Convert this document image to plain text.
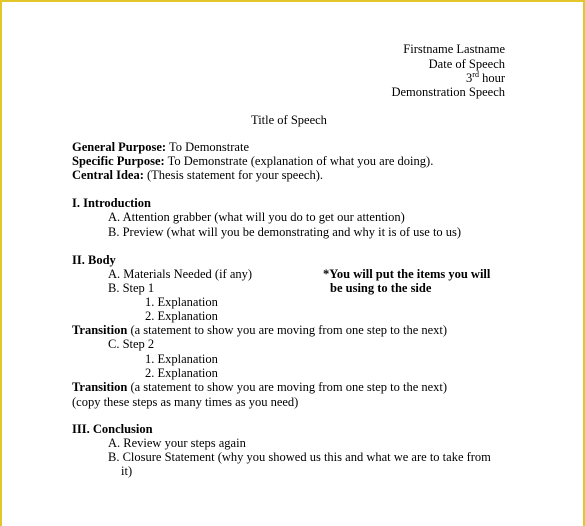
Firstname Lastname
Date of Speech
3rd hour
Demonstration Speech
Title of Speech
General Purpose: To Demonstrate
Specific Purpose: To Demonstrate (explanation of what you are doing).
Central Idea: (Thesis statement for your speech).
I. Introduction
A. Attention grabber (what will you do to get our attention)
B. Preview (what will you be demonstrating and why it is of use to us)
II. Body
A. Materials Needed (if any)	*You will put the items you will
B. Step 1	be using to the side
1. Explanation
2. Explanation
Transition (a statement to show you are moving from one step to the next)
C. Step 2
1. Explanation
2. Explanation
Transition (a statement to show you are moving from one step to the next)
(copy these steps as many times as you need)
III. Conclusion
A. Review your steps again
B. Closure Statement (why you showed us this and what we are to take from
it)
